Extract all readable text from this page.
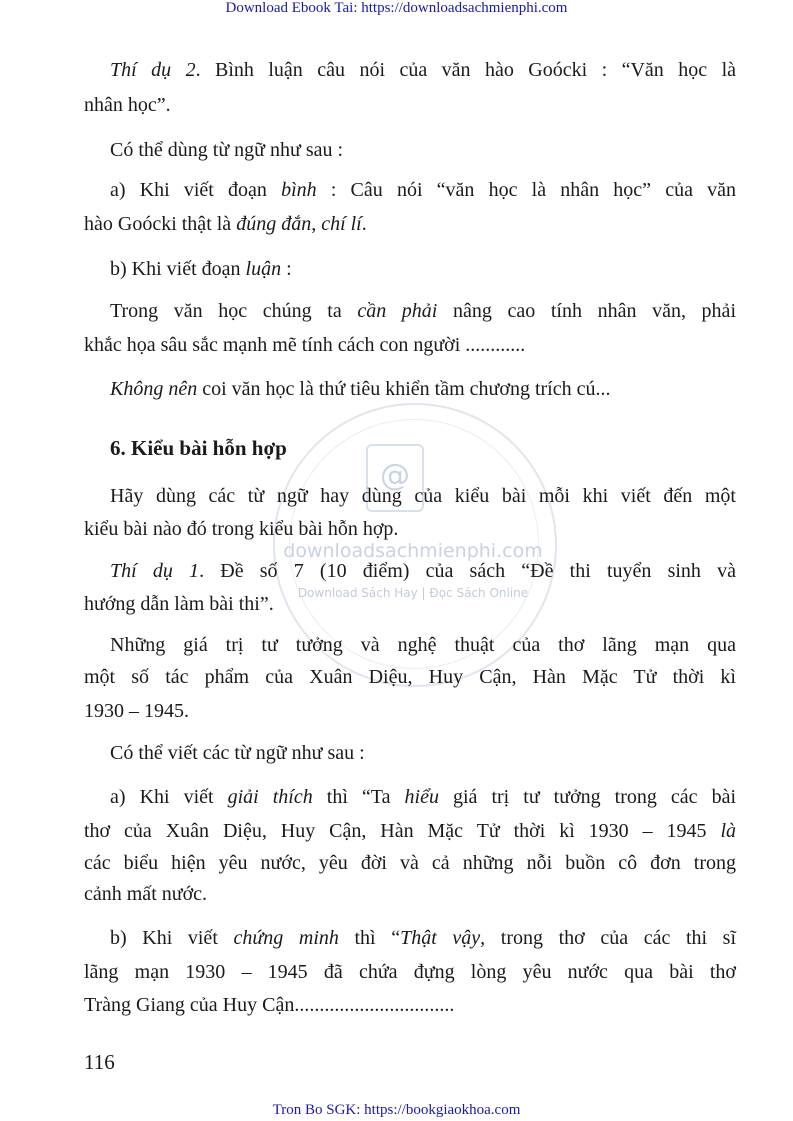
Download Ebook Tai: https://downloadsachmienphi.com
@
downloadsachmienphi.com
Download Sách Hay | Đọc Sách Online
Thí dụ 2. Bình luận câu nói của văn hào Goócki : “Văn học là
nhân học”.
Có thể dùng từ ngữ như sau :
a) Khi viết đoạn bình : Câu nói “văn học là nhân học” của văn
hào Goócki thật là đúng đắn, chí lí.
b) Khi viết đoạn luận :
Trong văn học chúng ta cần phải nâng cao tính nhân văn, phải
khắc họa sâu sắc mạnh mẽ tính cách con người ............
Không nên coi văn học là thứ tiêu khiển tầm chương trích cú...
6. Kiểu bài hỗn hợp
Hãy dùng các từ ngữ hay dùng của kiểu bài mỗi khi viết đến một
kiểu bài nào đó trong kiểu bài hỗn hợp.
Thí dụ 1. Đề số 7 (10 điểm) của sách “Đề thi tuyển sinh và
hướng dẫn làm bài thi”.
Những giá trị tư tưởng và nghệ thuật của thơ lãng mạn qua
một số tác phẩm của Xuân Diệu, Huy Cận, Hàn Mặc Tử thời kì
1930 – 1945.
Có thể viết các từ ngữ như sau :
a) Khi viết giải thích thì “Ta hiểu giá trị tư tưởng trong các bài
thơ của Xuân Diệu, Huy Cận, Hàn Mặc Tử thời kì 1930 – 1945 là
các biểu hiện yêu nước, yêu đời và cả những nỗi buồn cô đơn trong
cảnh mất nước.
b) Khi viết chứng minh thì “Thật vậy, trong thơ của các thi sĩ
lãng mạn 1930 – 1945 đã chứa đựng lòng yêu nước qua bài thơ
Tràng Giang của Huy Cận................................
116
Tron Bo SGK: https://bookgiaokhoa.com
